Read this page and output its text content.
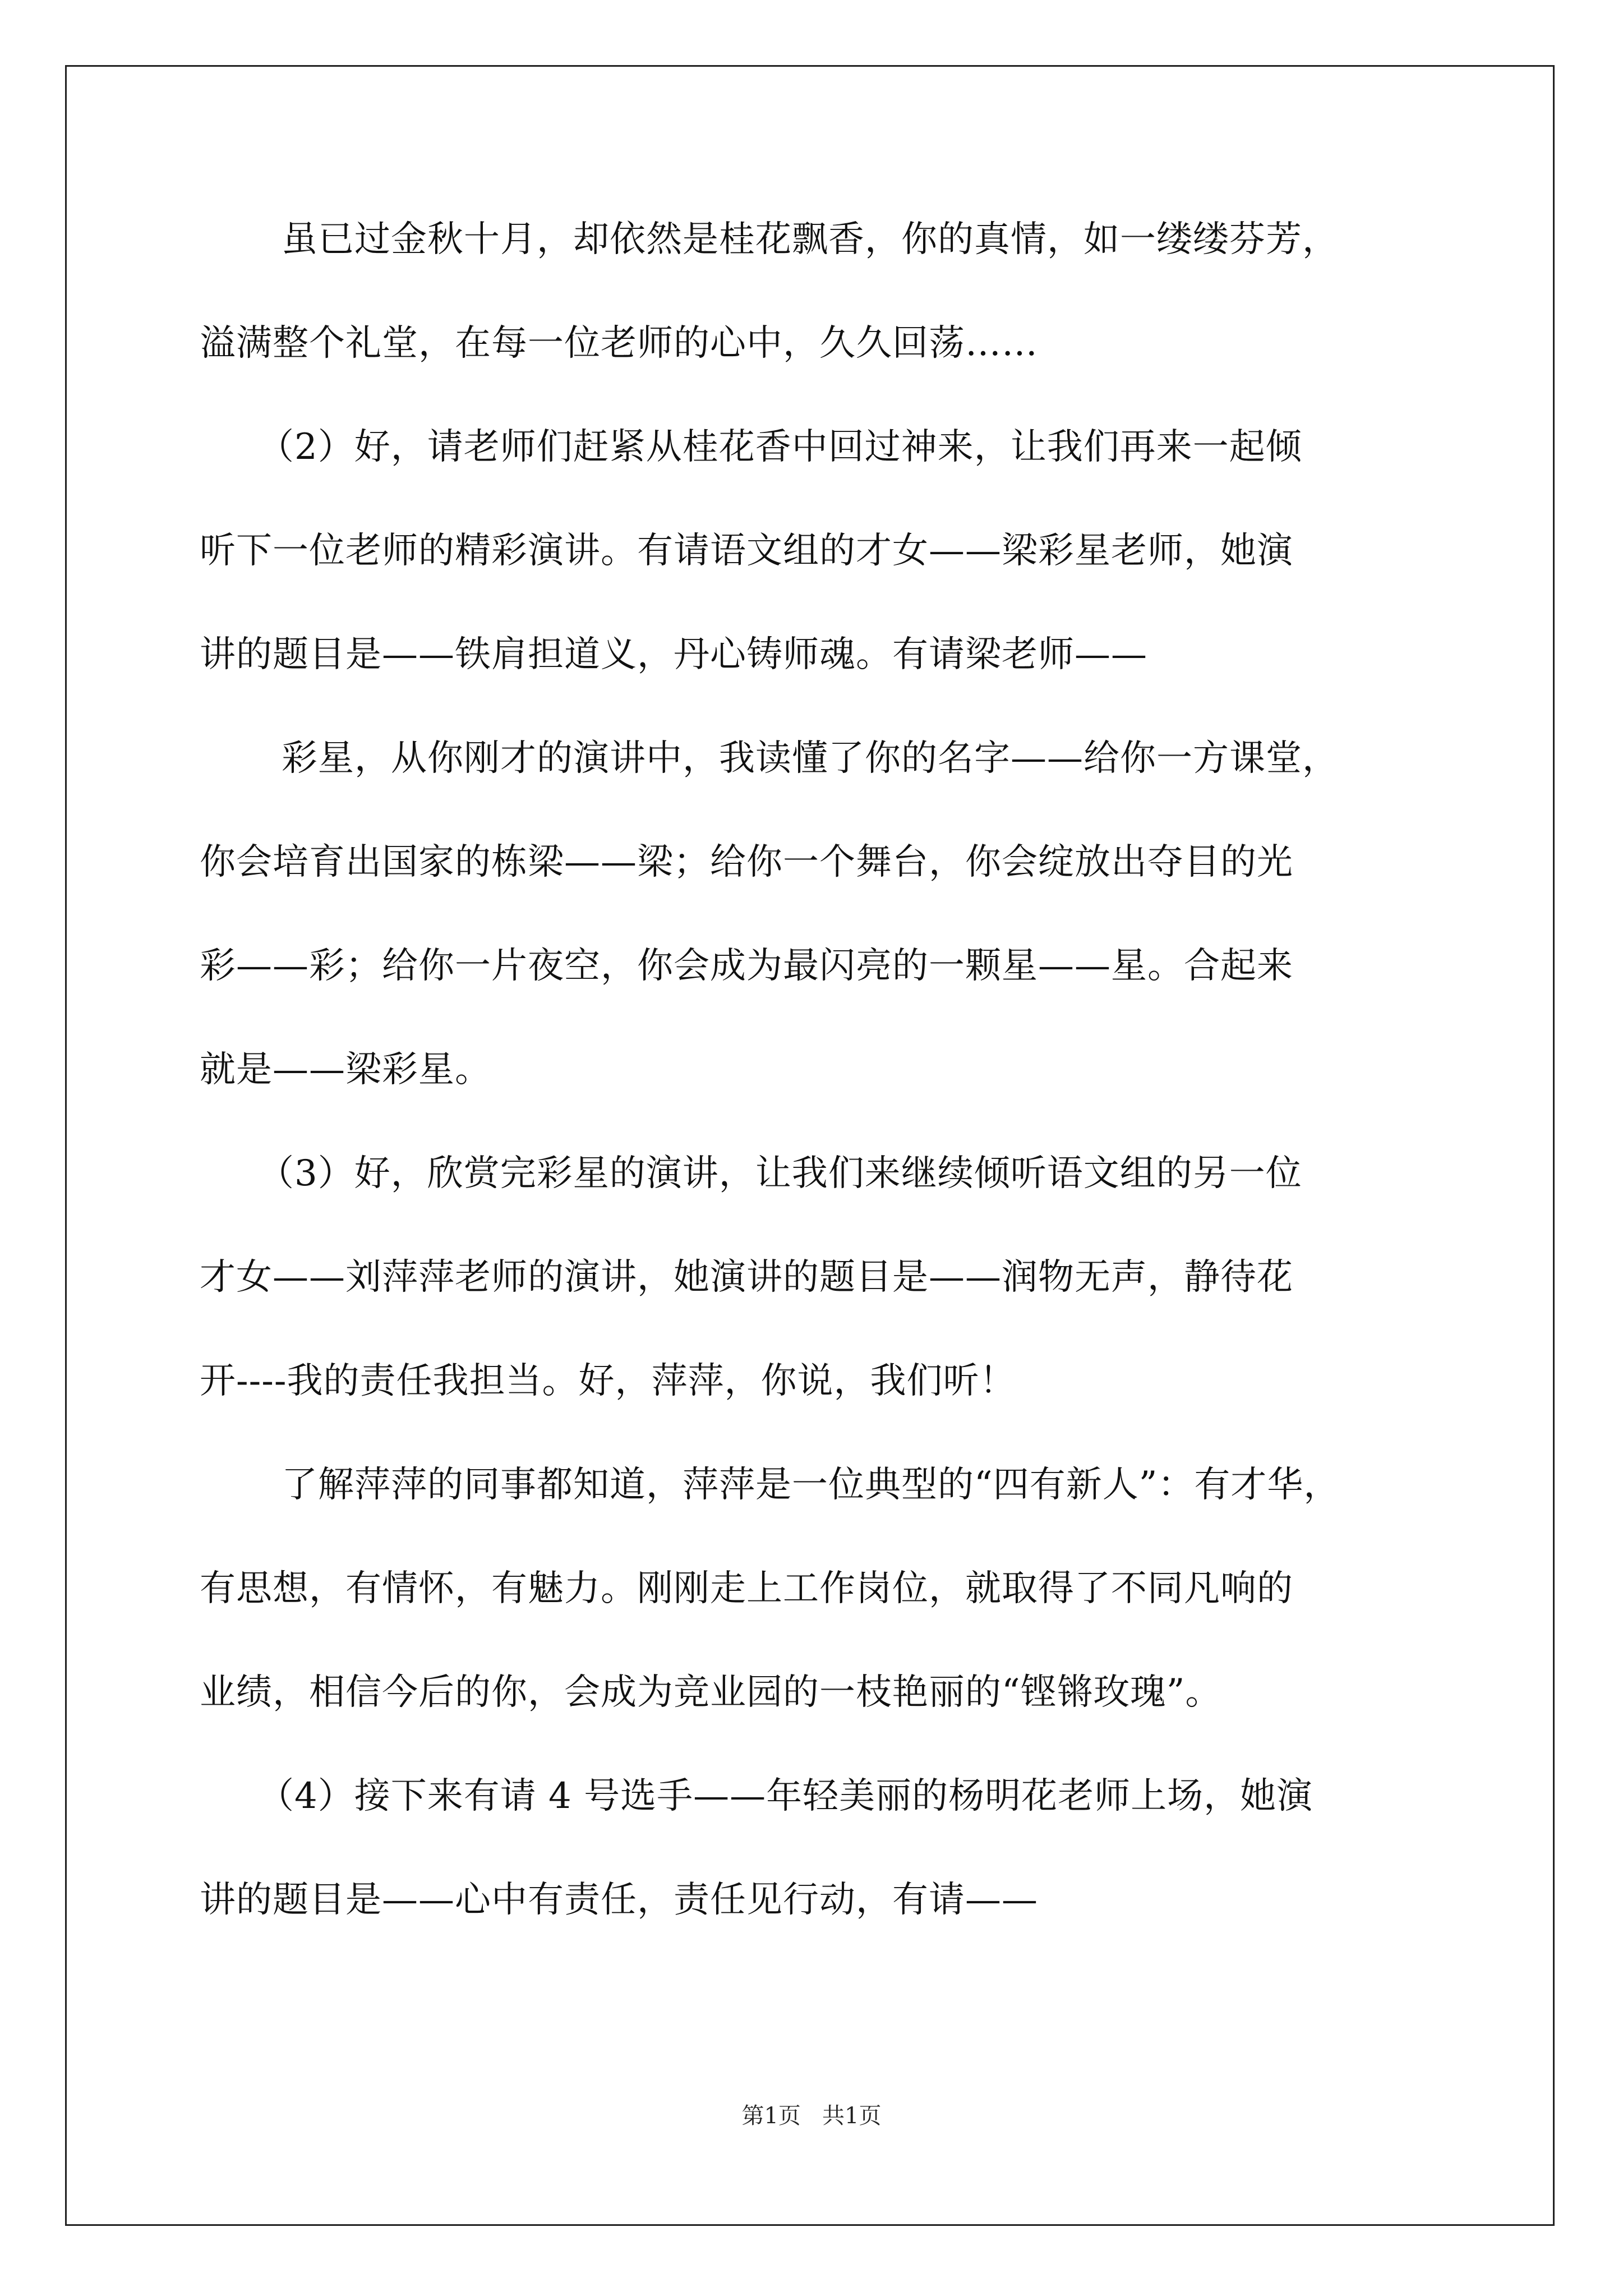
虽已过金秋十月，却依然是桂花飘香，你的真情，如一缕缕芬芳，
溢满整个礼堂，在每一位老师的心中，久久回荡……
（2）好，请老师们赶紧从桂花香中回过神来，让我们再来一起倾
听下一位老师的精彩演讲。有请语文组的才女——梁彩星老师，她演
讲的题目是——铁肩担道义，丹心铸师魂。有请梁老师——
彩星，从你刚才的演讲中，我读懂了你的名字——给你一方课堂，
你会培育出国家的栋梁——梁；给你一个舞台，你会绽放出夺目的光
彩——彩；给你一片夜空，你会成为最闪亮的一颗星——星。合起来
就是——梁彩星。
（3）好，欣赏完彩星的演讲，让我们来继续倾听语文组的另一位
才女——刘萍萍老师的演讲，她演讲的题目是——润物无声，静待花
开----我的责任我担当。好，萍萍，你说，我们听！
了解萍萍的同事都知道，萍萍是一位典型的“四有新人”：有才华，
有思想，有情怀，有魅力。刚刚走上工作岗位，就取得了不同凡响的
业绩，相信今后的你，会成为竞业园的一枝艳丽的“铿锵玫瑰”。
（4）接下来有请 4 号选手——年轻美丽的杨明花老师上场，她演
讲的题目是——心中有责任，责任见行动，有请——
第1页   共1页
